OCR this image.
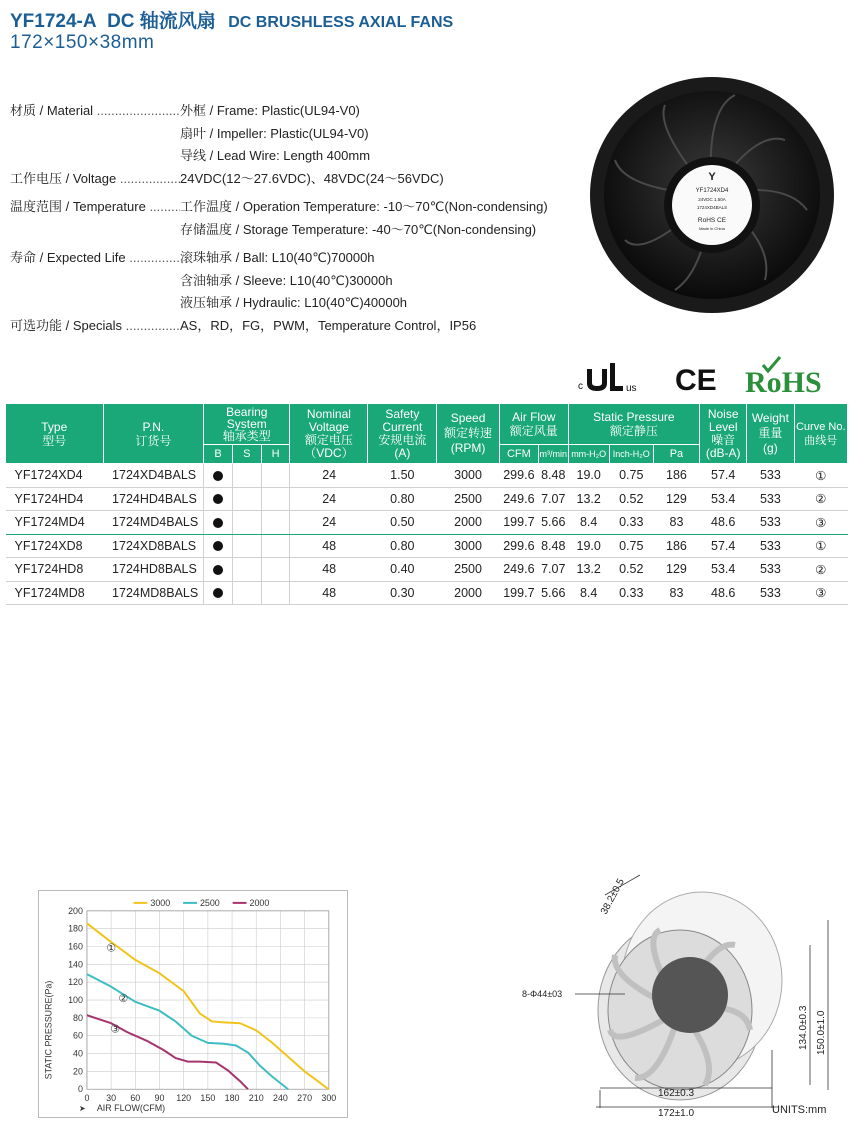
YF1724-A DC 轴流风扇 DC BRUSHLESS AXIAL FANS
172×150×38mm
材质 / Material .....	外框 / Frame: Plastic(UL94-V0)
扇叶 / Impeller: Plastic(UL94-V0)
导线 / Lead Wire: Length 400mm
工作电压 / Voltage .....	24VDC(12～27.6VDC)、48VDC(24～56VDC)
温度范围 / Temperature .....	工作温度 / Operation Temperature: -10～70℃(Non-condensing)
存储温度 / Storage Temperature: -40～70℃(Non-condensing)
寿命 / Expected Life .....	滚珠轴承 / Ball: L10(40℃)70000h
含油轴承 / Sleeve: L10(40℃)30000h
液压轴承 / Hydraulic: L10(40℃)40000h
可选功能 / Specials .....	AS，RD，FG，PWM，Temperature Control，IP56
Y
YF1724XD4
24VDC 1.50A
1724XD4BALS
RoHS CE
Made in China
c	us CE RoHS
Type
型号	P.N.
订货号	Bearing
System
轴承类型			Nominal
Voltage
额定电压
（VDC）	Safety
Current
安规电流
(A)	Speed
额定转速
(RPM)	Air Flow
额定风量		Static Pressure
额定静压			Noise
Level
噪音
(dB-A)	Weight
重量
(g)	Curve No.
曲线号
		B	S	H				CFM	m³/min	mm-H₂O	Inch-H₂O	Pa			
YF1724XD4	1724XD4BALS				24	1.50	3000	299.6	8.48	19.0	0.75	186	57.4	533	①
YF1724HD4	1724HD4BALS				24	0.80	2500	249.6	7.07	13.2	0.52	129	53.4	533	②
YF1724MD4	1724MD4BALS				24	0.50	2000	199.7	5.66	8.4	0.33	83	48.6	533	③
YF1724XD8	1724XD8BALS				48	0.80	3000	299.6	8.48	19.0	0.75	186	57.4	533	①
YF1724HD8	1724HD8BALS				48	0.40	2500	249.6	7.07	13.2	0.52	129	53.4	533	②
YF1724MD8	1724MD8BALS				48	0.30	2000	199.7	5.66	8.4	0.33	83	48.6	533	③
①
②
③
0 30 60 90 120 150 180 210 240 270 300
0
20
40
60
80
100
120
140
160
180
200
3000	2500	2000
STATIC PRESSURE(Pa)
AIR FLOW(CFM)
➤
38.2±0.5
8-Φ44±03
134.0±0.3 150.0±1.0
162±0.3
172±1.0	UNITS:mm
